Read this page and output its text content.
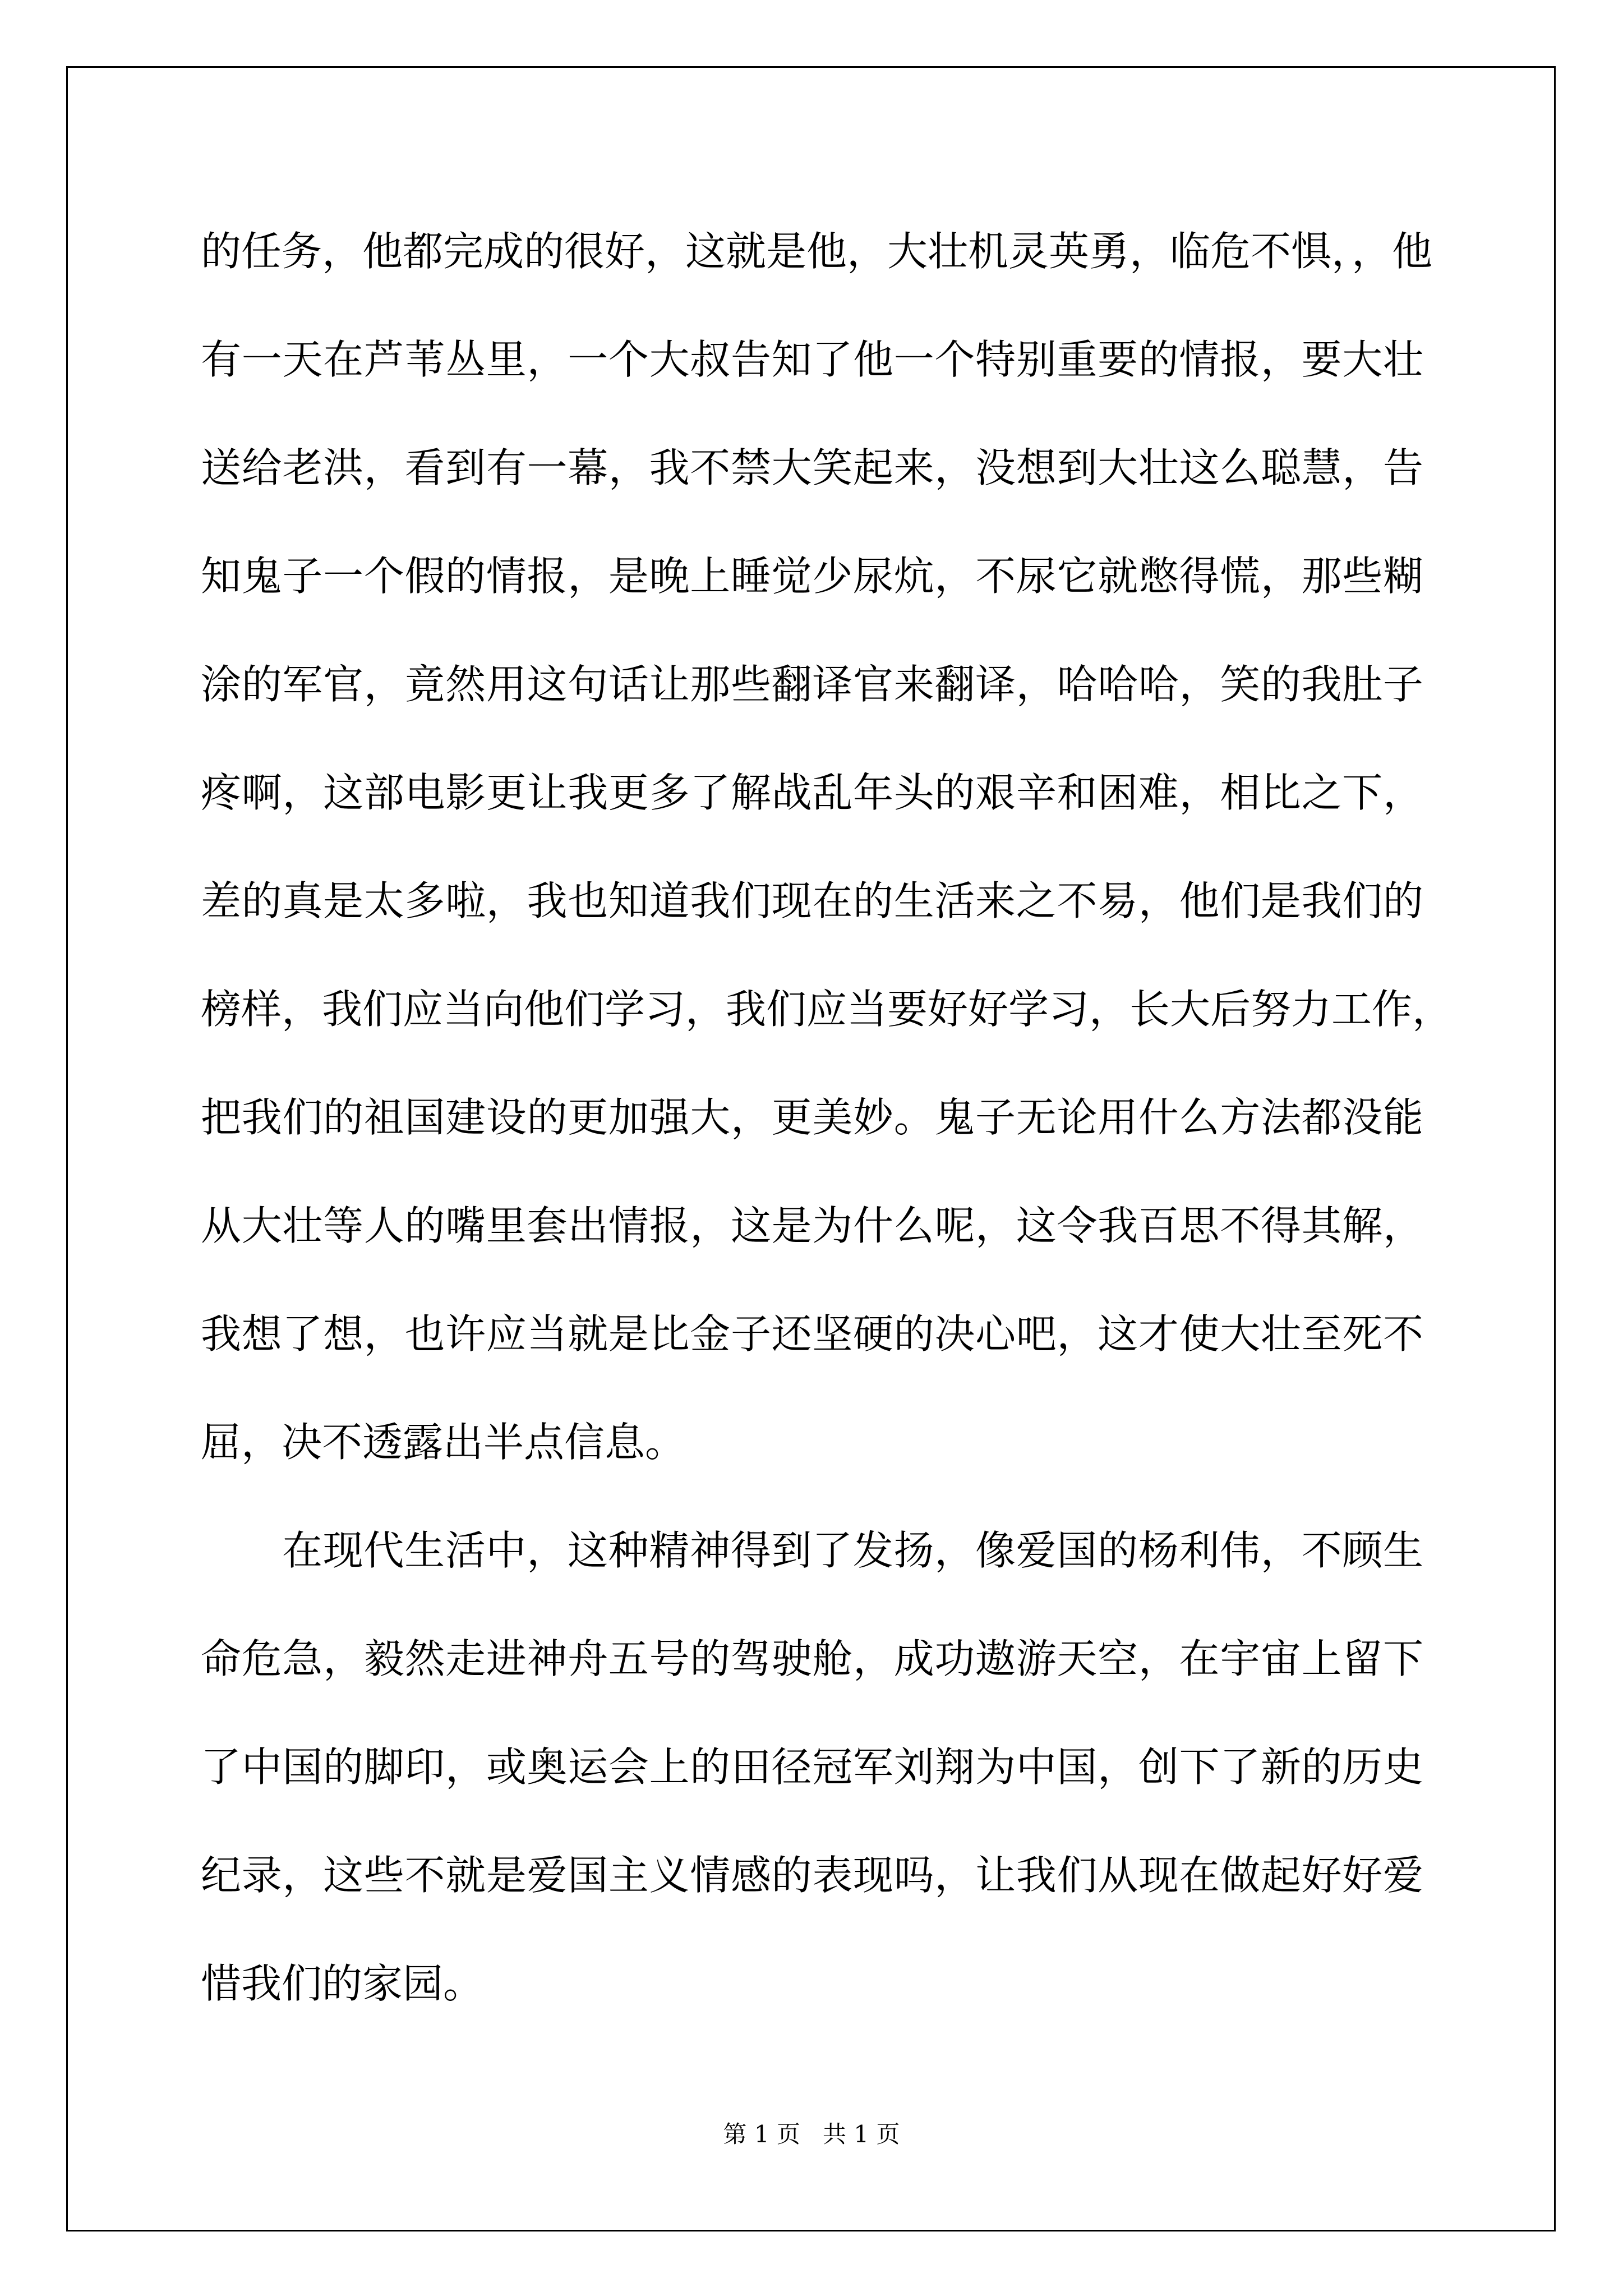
的任务，他都完成的很好，这就是他，大壮机灵英勇，临危不惧，，他
有一天在芦苇丛里，一个大叔告知了他一个特别重要的情报，要大壮
送给老洪，看到有一幕，我不禁大笑起来，没想到大壮这么聪慧，告
知鬼子一个假的情报，是晚上睡觉少尿炕，不尿它就憋得慌，那些糊
涂的军官，竟然用这句话让那些翻译官来翻译，哈哈哈，笑的我肚子
疼啊，这部电影更让我更多了解战乱年头的艰辛和困难，相比之下，
差的真是太多啦，我也知道我们现在的生活来之不易，他们是我们的
榜样，我们应当向他们学习，我们应当要好好学习，长大后努力工作，
把我们的祖国建设的更加强大，更美妙。鬼子无论用什么方法都没能
从大壮等人的嘴里套出情报，这是为什么呢，这令我百思不得其解，
我想了想，也许应当就是比金子还坚硬的决心吧，这才使大壮至死不
屈，决不透露出半点信息。
在现代生活中，这种精神得到了发扬，像爱国的杨利伟，不顾生
命危急，毅然走进神舟五号的驾驶舱，成功遨游天空，在宇宙上留下
了中国的脚印，或奥运会上的田径冠军刘翔为中国，创下了新的历史
纪录，这些不就是爱国主义情感的表现吗，让我们从现在做起好好爱
惜我们的家园。
第 1 页   共 1 页
